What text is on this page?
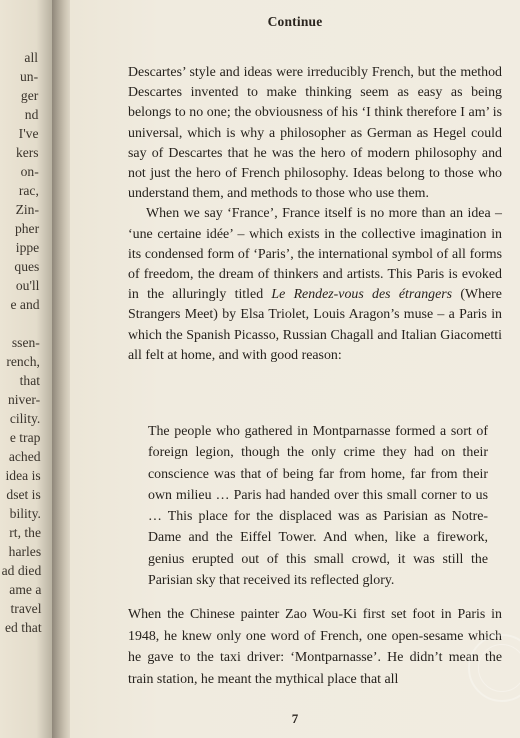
all
un-
ger
nd
I've
kers
on-
rac,
Zin-
pher
ippe
ques
ou'll
e and
ssen-
rench,
that
niver-
cility.
e trap
ached
idea is
dset is
bility.
rt, the
harles
ad died
ame a
travel
ed that
Continue

Descartes’ style and ideas were irreducibly French, but the method Descartes invented to make thinking seem as easy as being belongs to no one; the obviousness of his ‘I think therefore I am’ is universal, which is why a philosopher as German as Hegel could say of Descartes that he was the hero of modern philosophy and not just the hero of French philosophy. Ideas belong to those who understand them, and methods to those who use them.

When we say ‘France’, France itself is no more than an idea – ‘une certaine idée’ – which exists in the collective imagination in its condensed form of ‘Paris’, the international symbol of all forms of freedom, the dream of thinkers and artists. This Paris is evoked in the alluringly titled Le Rendez-vous des étrangers (Where Strangers Meet) by Elsa Triolet, Louis Aragon’s muse – a Paris in which the Spanish Picasso, Russian Chagall and Italian Giacometti all felt at home, and with good reason:

The people who gathered in Montparnasse formed a sort of foreign legion, though the only crime they had on their conscience was that of being far from home, far from their own milieu … Paris had handed over this small corner to us … This place for the displaced was as Parisian as Notre-Dame and the Eiffel Tower. And when, like a firework, genius erupted out of this small crowd, it was still the Parisian sky that received its reflected glory.

When the Chinese painter Zao Wou-Ki first set foot in Paris in 1948, he knew only one word of French, one open-sesame which he gave to the taxi driver: ‘Montparnasse’. He didn’t mean the train station, he meant the mythical place that all

7
